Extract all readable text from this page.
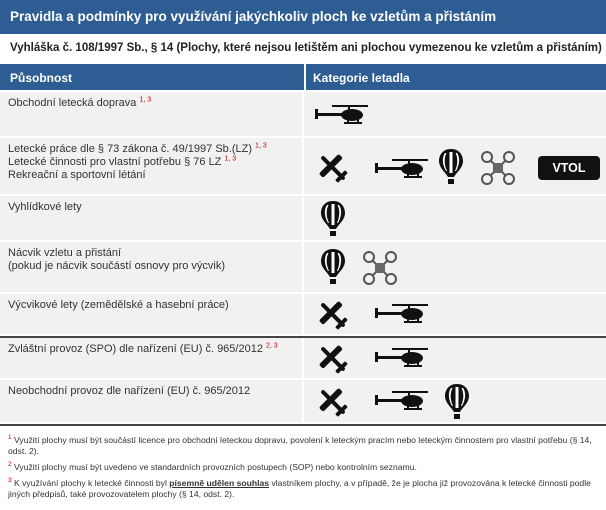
Pravidla a podmínky pro využívání jakýchkoliv ploch ke vzletům a přistáním
Vyhláška č. 108/1997 Sb., § 14 (Plochy, které nejsou letištěm ani plochou vymezenou ke vzletům a přistáním)
Působnost	Kategorie letadla
Obchodní letecká doprava $^{1, 3}$
Letecké práce dle § 73 zákona č. 49/1997 Sb.(LZ) $^{1, 3}$
Letecké činnosti pro vlastní potřebu § 76 LZ $^{1, 3}$
Rekreační a sportovní létání	VTOL
Vyhlídkové lety
Nácvik vzletu a přistání
(pokud je nácvik součástí osnovy pro výcvik)
Výcvikové lety (zemědělské a hasební práce)
Zvláštní provoz (SPO) dle nařízení (EU) č. 965/2012 $^{2, 3}$
Neobchodní provoz dle nařízení (EU) č. 965/2012
$^1$ Využití plochy musí být součástí licence pro obchodní leteckou dopravu, povolení k leteckým pracím nebo leteckým činnostem pro vlastní potřebu (§ 14, odst. 2).
$^2$ Využití plochy musí být uvedeno ve standardních provozních postupech (SOP) nebo kontrolním seznamu.
$^3$ K využívání plochy k letecké činnosti byl písemně udělen souhlas vlastníkem plochy, a v případě, že je plocha již provozována k letecké činnosti podle jiných předpisů, také provozovatelem plochy (§ 14, odst. 2).
